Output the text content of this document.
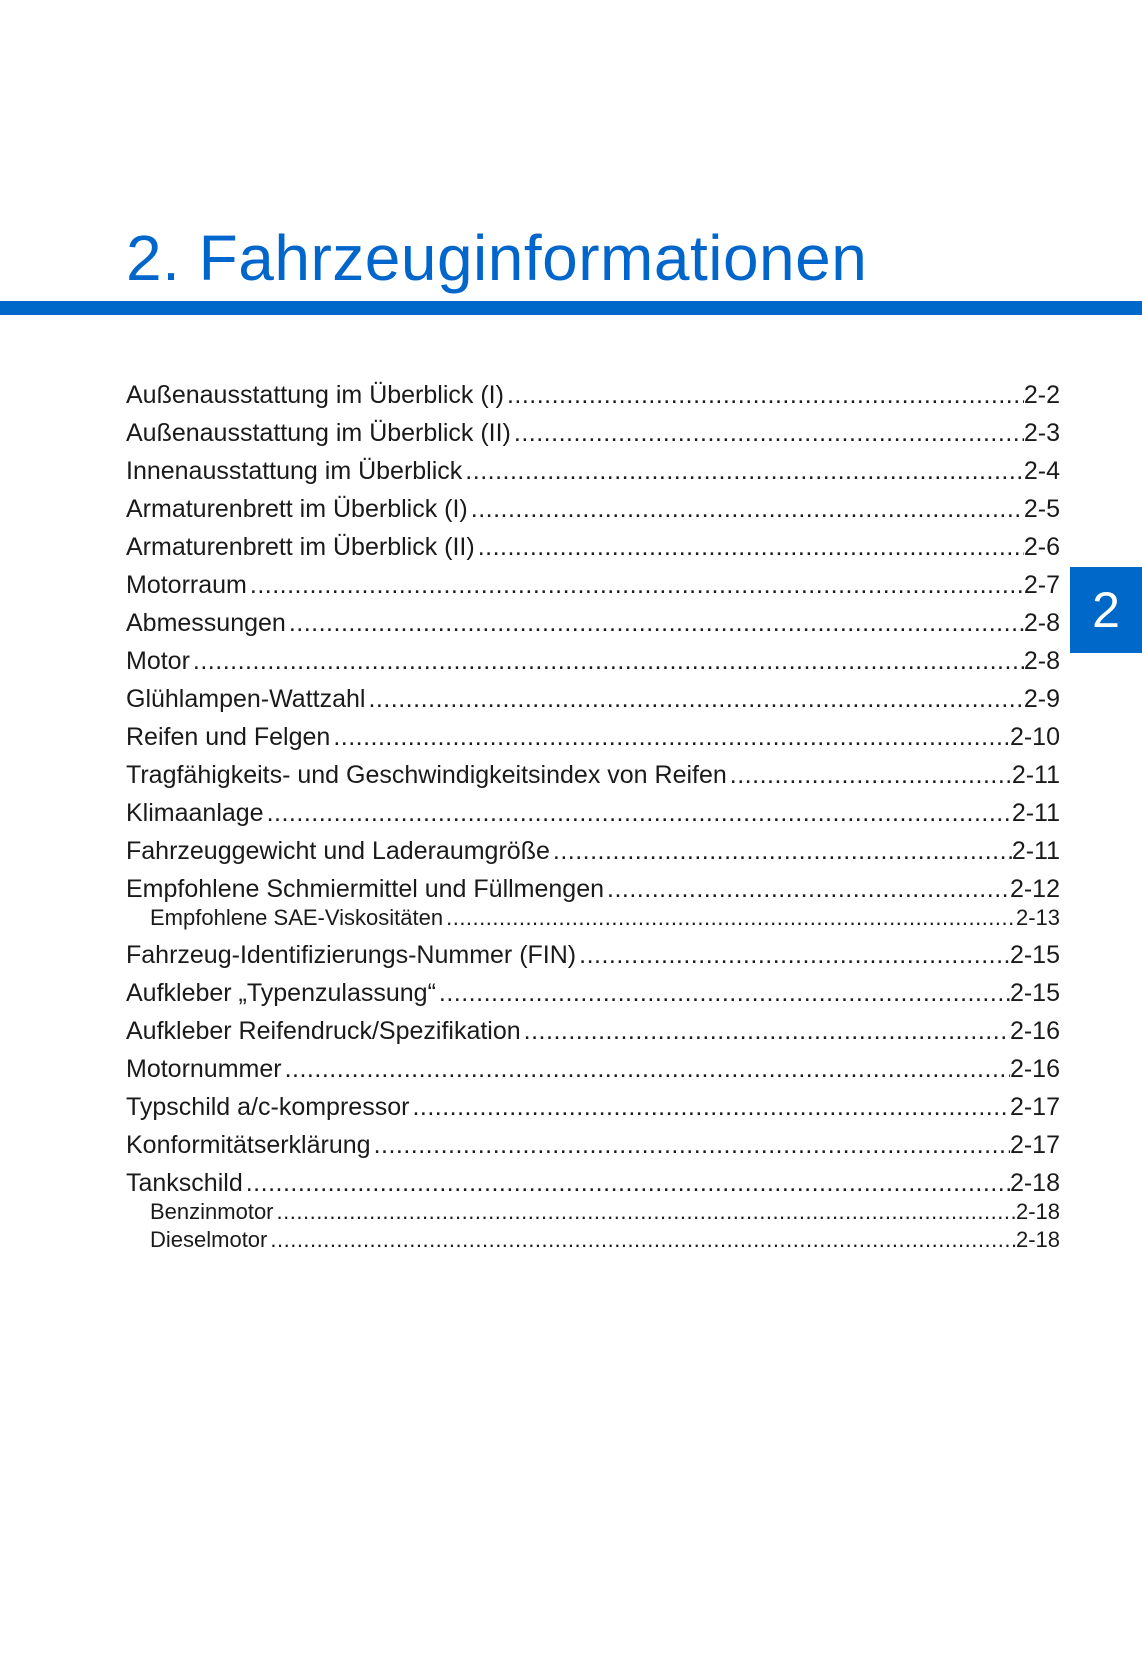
2. Fahrzeuginformationen
2
Außenausstattung im Überblick (I) .....	2-2
Außenausstattung im Überblick (II) .....	2-3
Innenausstattung im Überblick .....	2-4
Armaturenbrett im Überblick (I) .....	2-5
Armaturenbrett im Überblick (II) .....	2-6
Motorraum .....	2-7
Abmessungen .....	2-8
Motor .....	2-8
Glühlampen-Wattzahl .....	2-9
Reifen und Felgen .....	2-10
Tragfähigkeits- und Geschwindigkeitsindex von Reifen .....	2-11
Klimaanlage .....	2-11
Fahrzeuggewicht und Laderaumgröße .....	2-11
Empfohlene Schmiermittel und Füllmengen .....	2-12
Empfohlene SAE-Viskositäten .....	2-13
Fahrzeug-Identifizierungs-Nummer (FIN) .....	2-15
Aufkleber „Typenzulassung“ .....	2-15
Aufkleber Reifendruck/Spezifikation .....	2-16
Motornummer .....	2-16
Typschild a/c-kompressor .....	2-17
Konformitätserklärung .....	2-17
Tankschild .....	2-18
Benzinmotor .....	2-18
Dieselmotor .....	2-18
